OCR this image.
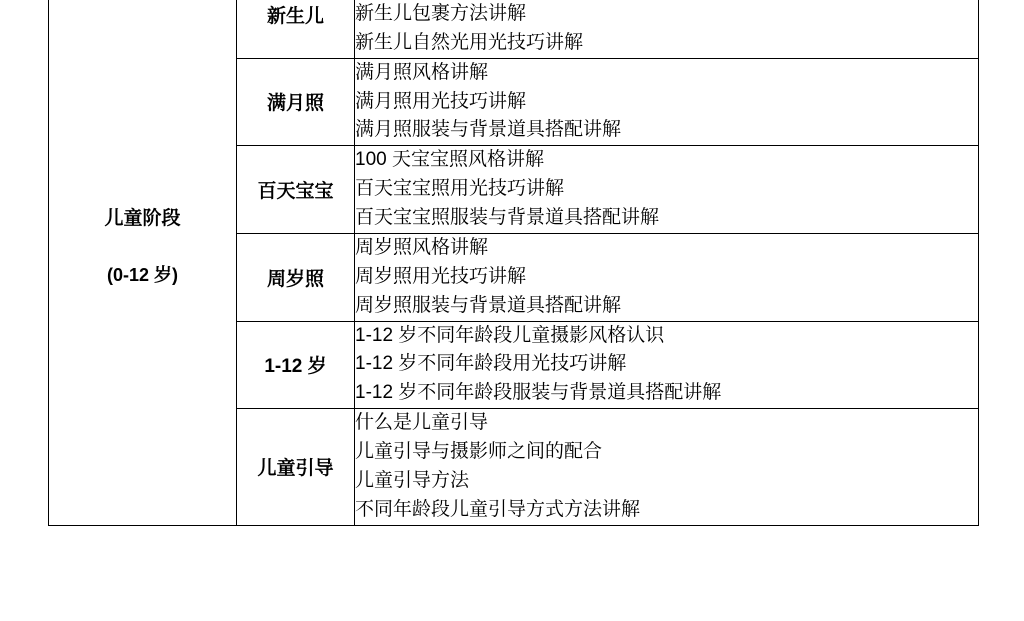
儿童阶段
(0-12 岁)	新生儿	新生儿包裹方法讲解
新生儿自然光用光技巧讲解

	满月照	满月照风格讲解
满月照用光技巧讲解
满月照服装与背景道具搭配讲解

	百天宝宝	100 天宝宝照风格讲解
百天宝宝照用光技巧讲解
百天宝宝照服装与背景道具搭配讲解

	周岁照	周岁照风格讲解
周岁照用光技巧讲解
周岁照服装与背景道具搭配讲解

	1-12 岁	1-12 岁不同年龄段儿童摄影风格认识
1-12 岁不同年龄段用光技巧讲解
1-12 岁不同年龄段服装与背景道具搭配讲解

	儿童引导	什么是儿童引导
儿童引导与摄影师之间的配合
儿童引导方法
不同年龄段儿童引导方式方法讲解
